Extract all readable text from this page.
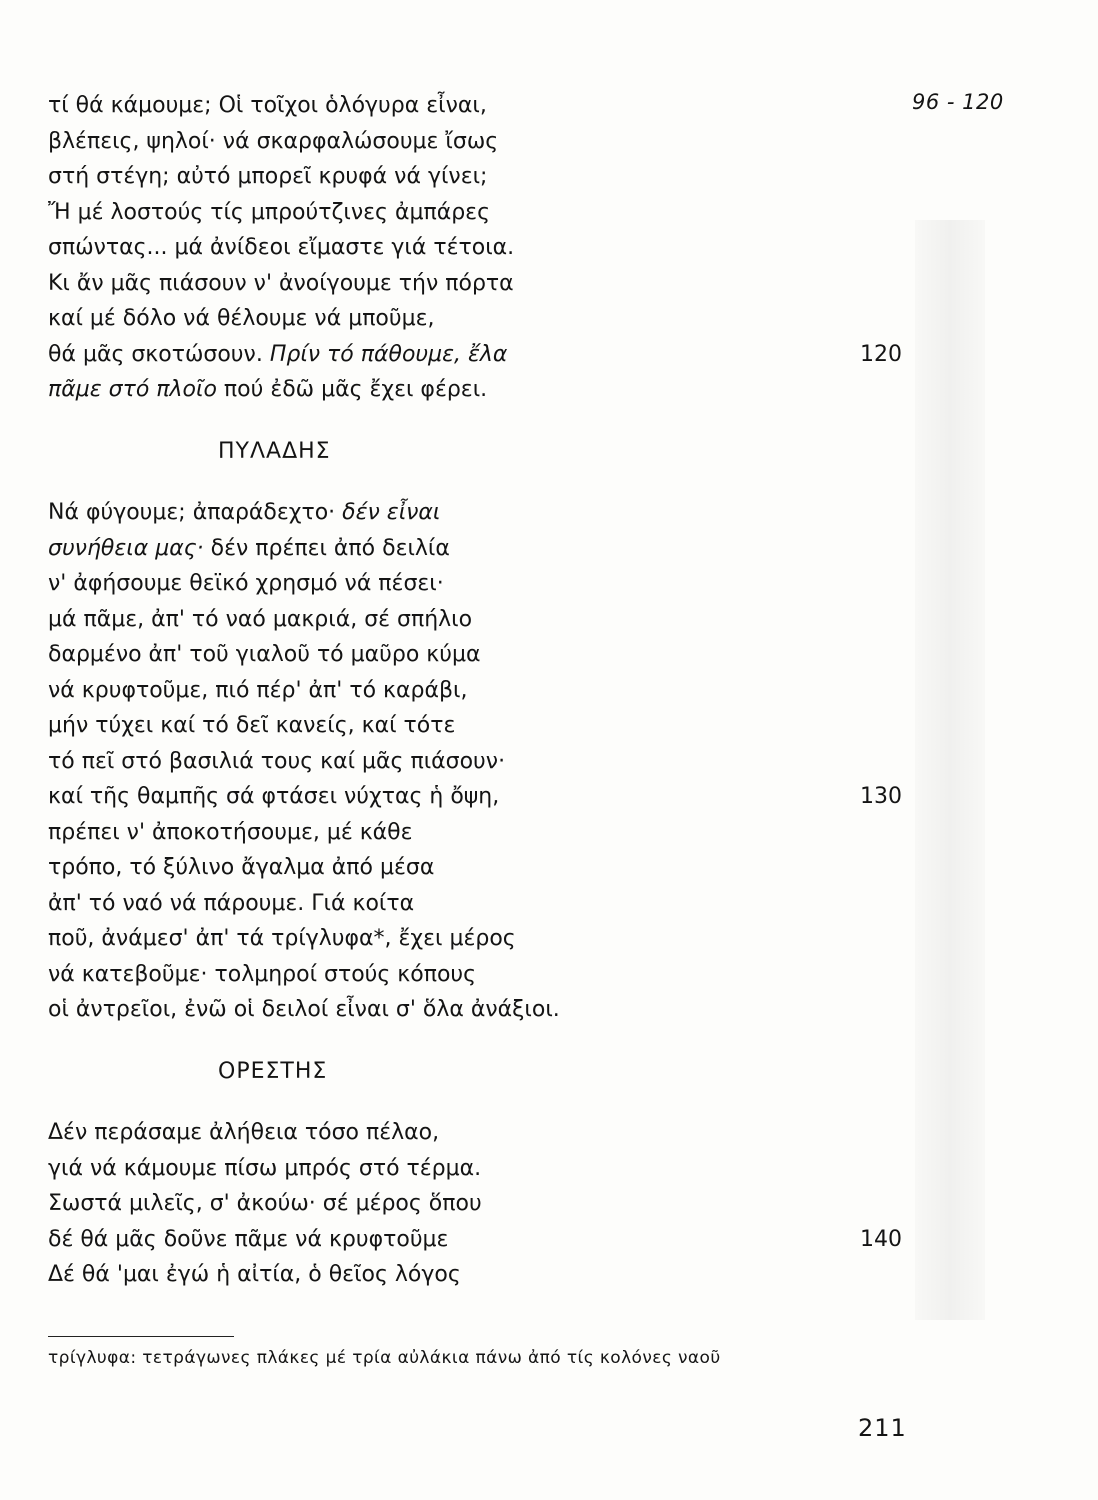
96 - 120
τί θά κάμουμε; Οἱ τοῖχοι ὁλόγυρα εἶναι,
βλέπεις, ψηλοί· νά σκαρφαλώσουμε ἴσως
στή στέγη; αὐτό μπορεῖ κρυφά νά γίνει;
Ἤ μέ λοστούς τίς μπρούτζινες ἀμπάρες
σπώντας... μά ἀνίδεοι εἴμαστε γιά τέτοια.
Κι ἄν μᾶς πιάσουν ν' ἀνοίγουμε τήν πόρτα
καί μέ δόλο νά θέλουμε νά μποῦμε,
θά μᾶς σκοτώσουν. Πρίν τό πάθουμε, ἔλα	120
πᾶμε στό πλοῖο πού ἐδῶ μᾶς ἔχει φέρει.
ΠΥΛΑΔΗΣ
Νά φύγουμε; ἀπαράδεχτο· δέν εἶναι
συνήθεια μας· δέν πρέπει ἀπό δειλία
ν' ἀφήσουμε θεϊκό χρησμό νά πέσει·
μά πᾶμε, ἀπ' τό ναό μακριά, σέ σπήλιο
δαρμένο ἀπ' τοῦ γιαλοῦ τό μαῦρο κύμα
νά κρυφτοῦμε, πιό πέρ' ἀπ' τό καράβι,
μήν τύχει καί τό δεῖ κανείς, καί τότε
τό πεῖ στό βασιλιά τους καί μᾶς πιάσουν·
καί τῆς θαμπῆς σά φτάσει νύχτας ἡ ὄψη,	130
πρέπει ν' ἀποκοτήσουμε, μέ κάθε
τρόπο, τό ξύλινο ἄγαλμα ἀπό μέσα
ἀπ' τό ναό νά πάρουμε. Γιά κοίτα
ποῦ, ἀνάμεσ' ἀπ' τά τρίγλυφα*, ἔχει μέρος
νά κατεβοῦμε· τολμηροί στούς κόπους
οἱ ἀντρεῖοι, ἐνῶ οἱ δειλοί εἶναι σ' ὅλα ἀνάξιοι.
ΟΡΕΣΤΗΣ
Δέν περάσαμε ἀλήθεια τόσο πέλαο,
γιά νά κάμουμε πίσω μπρός στό τέρμα.
Σωστά μιλεῖς, σ' ἀκούω· σέ μέρος ὅπου
δέ θά μᾶς δοῦνε πᾶμε νά κρυφτοῦμε	140
Δέ θά 'μαι ἐγώ ἡ αἰτία, ὁ θεῖος λόγος
τρίγλυφα: τετράγωνες πλάκες μέ τρία αὐλάκια πάνω ἀπό τίς κολόνες ναοῦ
211
